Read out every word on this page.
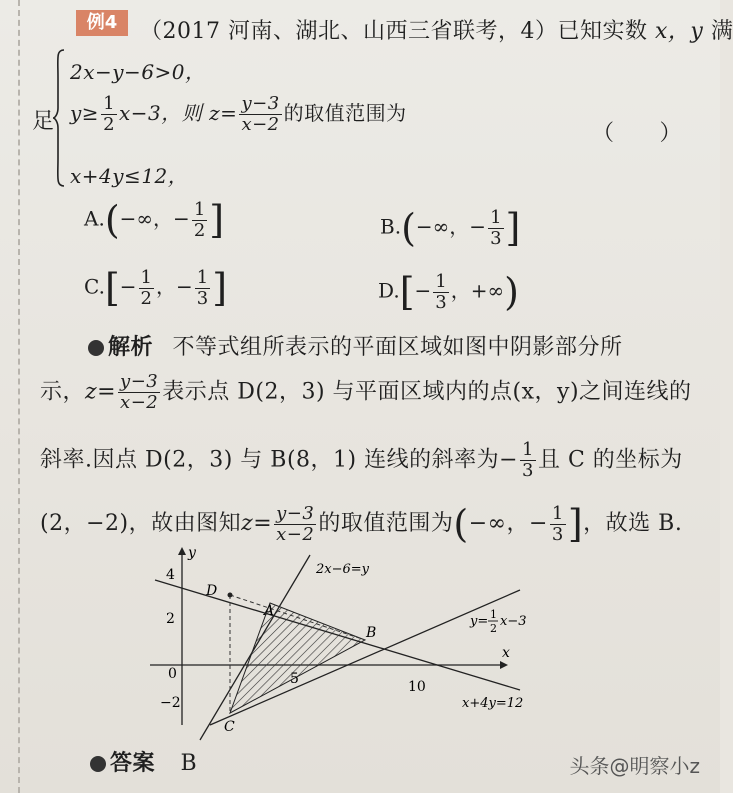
例4	（2017 河南、湖北、山西三省联考，4）已知实数 x，y 满
足
2x−y−6>0，
$y\ge \frac{1}{2} x-3$，则 $z= \frac{y-3}{x-2}$ 的取值范围为
（　　）
x+4y≤12，
A.(−∞，− $\frac{1}{2}$ ]	B.(−∞，− $\frac{1}{3}$ ]
$C.[- \frac{1}{2}$ ，− $\frac{1}{3}$ ]	$D.[- \frac{1}{3}$ ，+∞)
解析 不等式组所表示的平面区域如图中阴影部分所
示，$z= \frac{y-3}{x-2}$ 表示点 D(2，3) 与平面区域内的点(x，y)之间连线的
斜率.因点 D(2，3) 与 B(8，1) 连线的斜率为− $\frac{1}{3}$ 且 C 的坐标为
(2，−2)，故由图知$z= \frac{y-3}{x-2}$ 的取值范围为(−∞，− $\frac{1}{3}$ ]，故选 B.
y
x
0
4
2
−2
5	10
D
A
B
C
2x−6=y
y= 1
2 x−3
x+4y=12
答案 B	头条@明察小z
